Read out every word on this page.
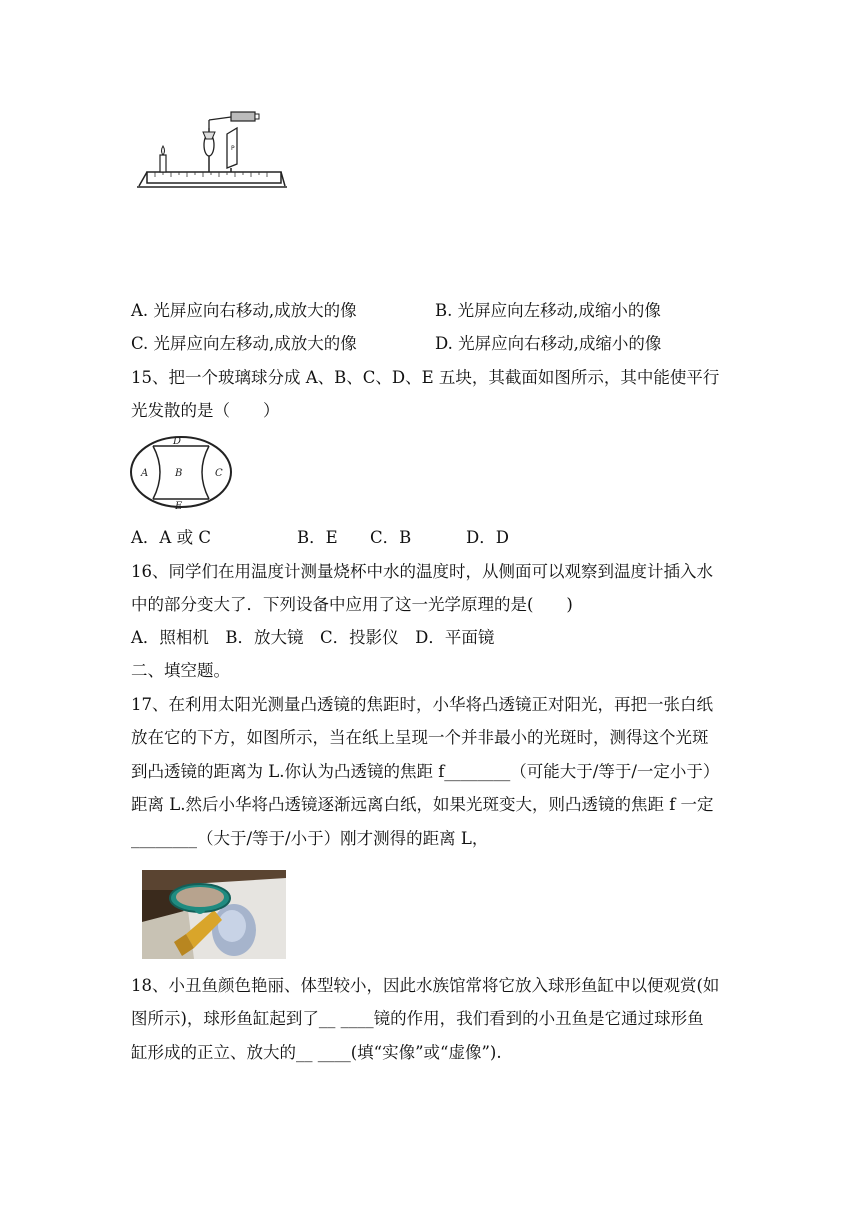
P
A. 光屏应向右移动,成放大的像	B. 光屏应向左移动,成缩小的像
C. 光屏应向左移动,成放大的像	D. 光屏应向右移动,成缩小的像
15、把一个玻璃球分成 A、B、C、D、E 五块，其截面如图所示，其中能使平行
光发散的是（　　）
D
A	B	C
E
A．A 或 C	B．E C．B	D．D
16、同学们在用温度计测量烧杯中水的温度时，从侧面可以观察到温度计插入水
中的部分变大了．下列设备中应用了这一光学原理的是(　　)
A．照相机　B．放大镜　C．投影仪　D．平面镜
二、填空题。
17、在利用太阳光测量凸透镜的焦距时，小华将凸透镜正对阳光，再把一张白纸
放在它的下方，如图所示，当在纸上呈现一个并非最小的光斑时，测得这个光斑
到凸透镜的距离为 L.你认为凸透镜的焦距 f________（可能大于/等于/一定小于）
距离 L.然后小华将凸透镜逐渐远离白纸，如果光斑变大，则凸透镜的焦距 f 一定
________（大于/等于/小于）刚才测得的距离 L，
18、小丑鱼颜色艳丽、体型较小，因此水族馆常将它放入球形鱼缸中以便观赏(如
图所示)，球形鱼缸起到了__ ____镜的作用，我们看到的小丑鱼是它通过球形鱼
缸形成的正立、放大的__ ____(填“实像”或“虚像”).
